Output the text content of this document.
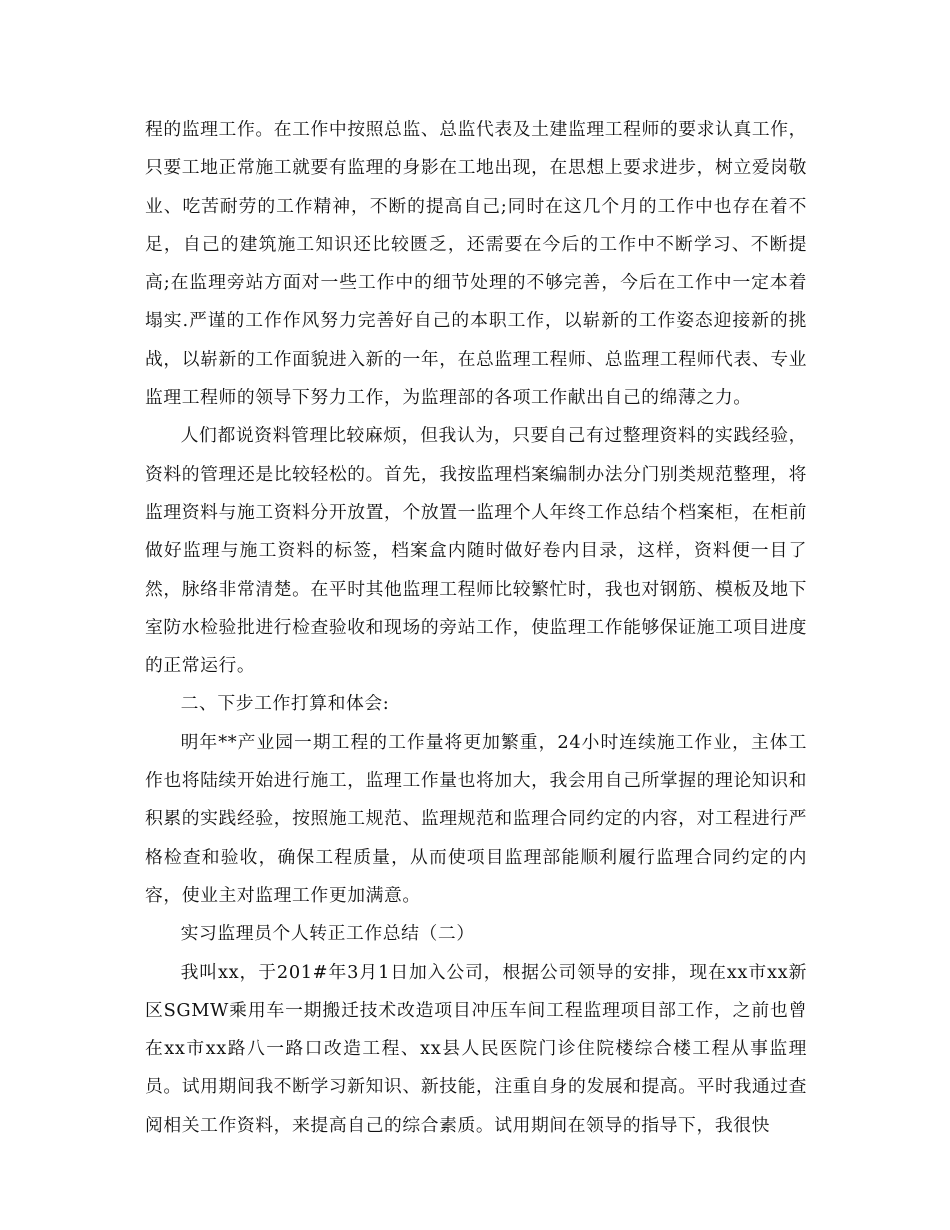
程的监理工作。在工作中按照总监、总监代表及土建监理工程师的要求认真工作，只要工地正常施工就要有监理的身影在工地出现，在思想上要求进步，树立爱岗敬业、吃苦耐劳的工作精神，不断的提高自己;同时在这几个月的工作中也存在着不足，自己的建筑施工知识还比较匮乏，还需要在今后的工作中不断学习、不断提高;在监理旁站方面对一些工作中的细节处理的不够完善，今后在工作中一定本着塌实.严谨的工作作风努力完善好自己的本职工作，以崭新的工作姿态迎接新的挑战，以崭新的工作面貌进入新的一年，在总监理工程师、总监理工程师代表、专业监理工程师的领导下努力工作，为监理部的各项工作献出自己的绵薄之力。

人们都说资料管理比较麻烦，但我认为，只要自己有过整理资料的实践经验，资料的管理还是比较轻松的。首先，我按监理档案编制办法分门别类规范整理，将监理资料与施工资料分开放置，个放置一监理个人年终工作总结个档案柜，在柜前做好监理与施工资料的标签，档案盒内随时做好卷内目录，这样，资料便一目了然，脉络非常清楚。在平时其他监理工程师比较繁忙时，我也对钢筋、模板及地下室防水检验批进行检查验收和现场的旁站工作，使监理工作能够保证施工项目进度的正常运行。

二、下步工作打算和体会:

明年**产业园一期工程的工作量将更加繁重，24小时连续施工作业，主体工作也将陆续开始进行施工，监理工作量也将加大，我会用自己所掌握的理论知识和积累的实践经验，按照施工规范、监理规范和监理合同约定的内容，对工程进行严格检查和验收，确保工程质量，从而使项目监理部能顺利履行监理合同约定的内容，使业主对监理工作更加满意。

实习监理员个人转正工作总结（二）

我叫xx，于201#年3月1日加入公司，根据公司领导的安排，现在xx市xx新区SGMW乘用车一期搬迁技术改造项目冲压车间工程监理项目部工作，之前也曾在xx市xx路八一路口改造工程、xx县人民医院门诊住院楼综合楼工程从事监理员。试用期间我不断学习新知识、新技能，注重自身的发展和提高。平时我通过查阅相关工作资料，来提高自己的综合素质。试用期间在领导的指导下，我很快
